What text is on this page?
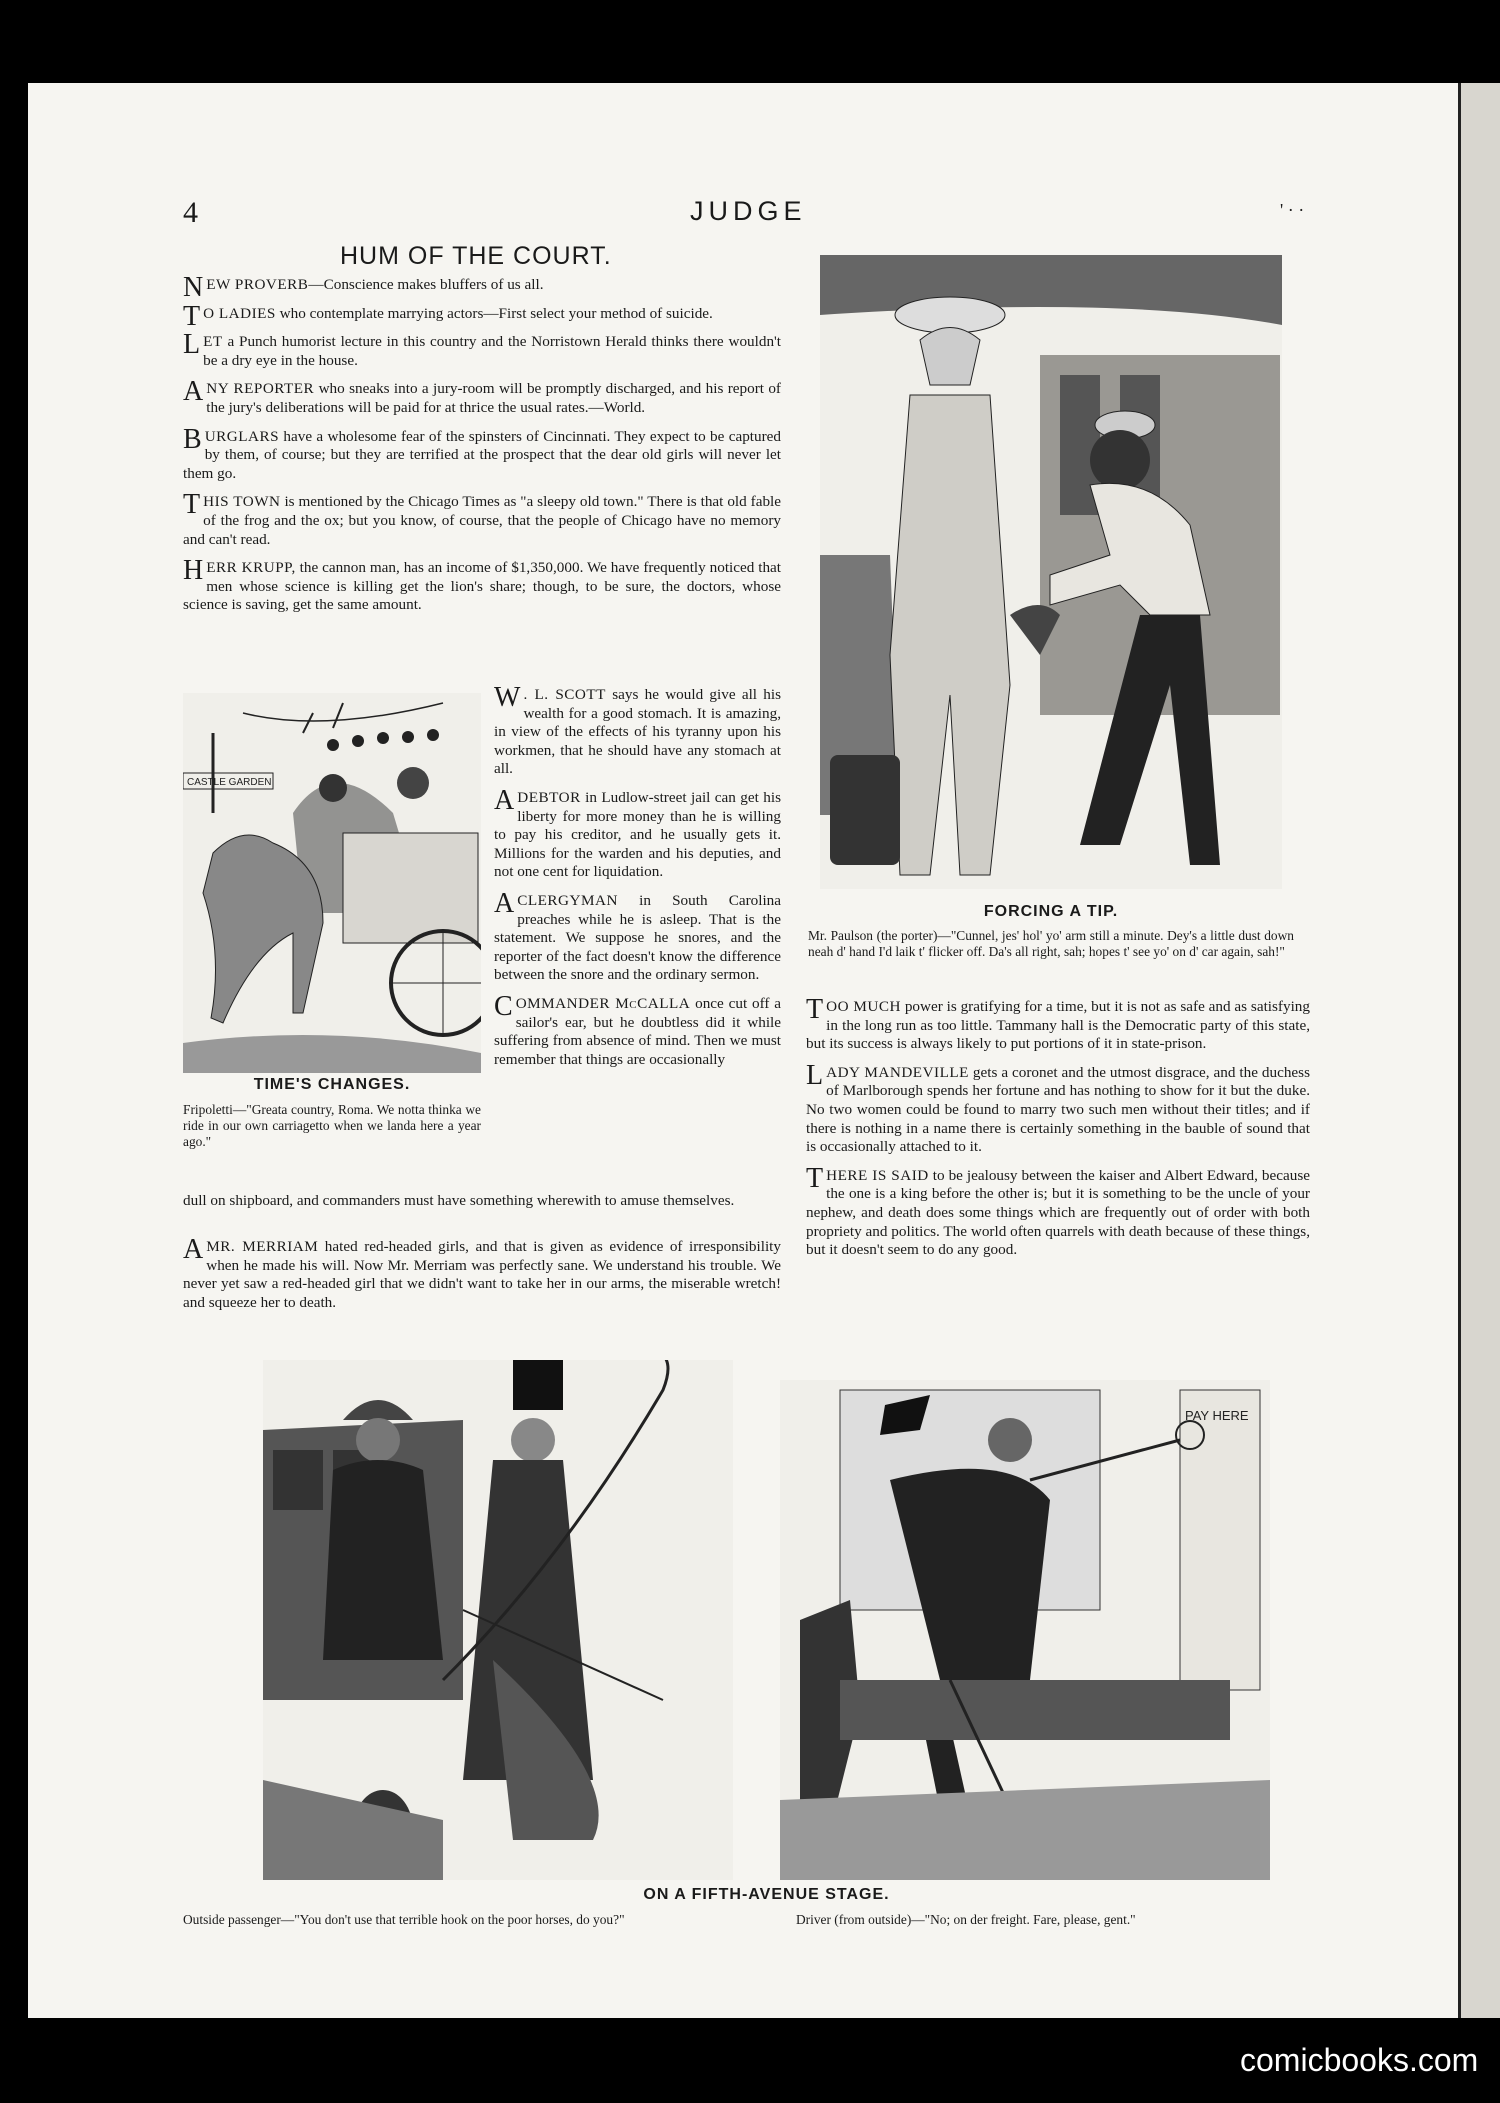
4	JUDGE	' · ·
HUM OF THE COURT.

NEW PROVERB—Conscience makes bluffers of us all.

T O LADIES who contemplate marrying actors—First select your method of suicide.

LET a Punch humorist lecture in this country and the Norristown Herald thinks there wouldn't be a dry eye in the house.

ANY REPORTER who sneaks into a jury-room will be promptly discharged, and his report of the jury's deliberations will be paid for at thrice the usual rates.—World.

BURGLARS have a wholesome fear of the spinsters of Cincinnati. They expect to be captured by them, of course; but they are terrified at the prospect that the dear old girls will never let them go.

THIS TOWN is mentioned by the Chicago Times as "a sleepy old town." There is that old fable of the frog and the ox; but you know, of course, that the people of Chicago have no memory and can't read.

HERR KRUPP, the cannon man, has an income of $1,350,000. We have frequently noticed that men whose science is killing get the lion's share; though, to be sure, the doctors, whose science is saving, get the same amount.

CASTLE GARDEN
TIME'S CHANGES.
Fripoletti—"Greata country, Roma. We notta thinka we ride in our own carriagetto when we landa here a year ago."

W . L. SCOTT says he would give all his wealth for a good stomach. It is amazing, in view of the effects of his tyranny upon his workmen, that he should have any stomach at all.

A DEBTOR in Ludlow-street jail can get his liberty for more money than he is willing to pay his creditor, and he usually gets it. Millions for the warden and his deputies, and not one cent for liquidation.

A CLERGYMAN in South Carolina preaches while he is asleep. That is the statement. We suppose he snores, and the reporter of the fact doesn't know the difference between the snore and the ordinary sermon.

COMMANDER McCALLA once cut off a sailor's ear, but he doubtless did it while suffering from absence of mind. Then we must remember that things are occasionally

dull on shipboard, and commanders must have something wherewith to amuse themselves.

A MR. MERRIAM hated red-headed girls, and that is given as evidence of irresponsibility when he made his will. Now Mr. Merriam was perfectly sane. We understand his trouble. We never yet saw a red-headed girl that we didn't want to take her in our arms, the miserable wretch! and squeeze her to death.

FORCING A TIP.
Mr. Paulson (the porter)—"Cunnel, jes' hol' yo' arm still a minute. Dey's a little dust down neah d' hand I'd laik t' flicker off. Da's all right, sah; hopes t' see yo' on d' car again, sah!"

TOO MUCH power is gratifying for a time, but it is not as safe and as satisfying in the long run as too little. Tammany hall is the Democratic party of this state, but its success is always likely to put portions of it in state-prison.

LADY MANDEVILLE gets a coronet and the utmost disgrace, and the duchess of Marlborough spends her fortune and has nothing to show for it but the duke. No two women could be found to marry two such men without their titles; and if there is nothing in a name there is certainly something in the bauble of sound that is occasionally attached to it.

THERE IS SAID to be jealousy between the kaiser and Albert Edward, because the one is a king before the other is; but it is something to be the uncle of your nephew, and death does some things which are frequently out of order with both propriety and politics. The world often quarrels with death because of these things, but it doesn't seem to do any good.

PAY HERE
ON A FIFTH-AVENUE STAGE.
Outside passenger—"You don't use that terrible hook on the poor horses, do you?"	Driver (from outside)—"No; on der freight. Fare, please, gent."
comicbooks.com
